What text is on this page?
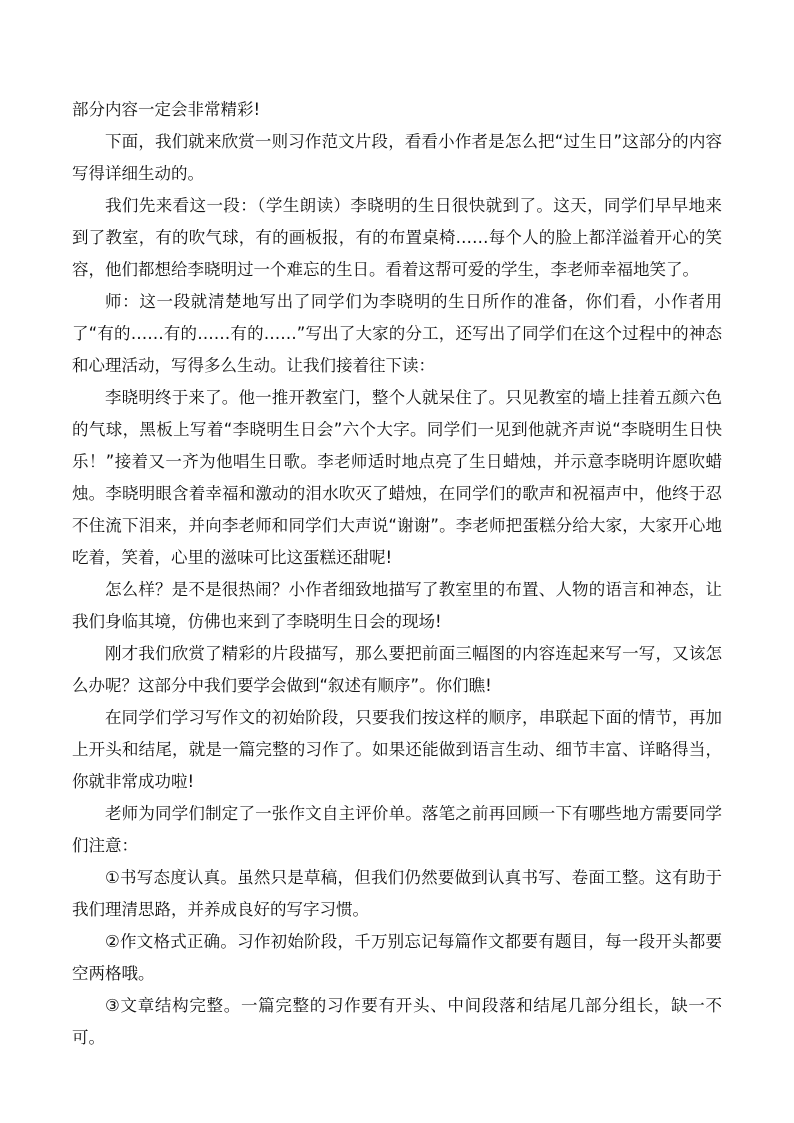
部分内容一定会非常精彩!

下面，我们就来欣赏一则习作范文片段，看看小作者是怎么把“过生日”这部分的内容写得详细生动的。

我们先来看这一段：（学生朗读）李晓明的生日很快就到了。这天，同学们早早地来到了教室，有的吹气球，有的画板报，有的布置桌椅……每个人的脸上都洋溢着开心的笑容，他们都想给李晓明过一个难忘的生日。看着这帮可爱的学生，李老师幸福地笑了。

师：这一段就清楚地写出了同学们为李晓明的生日所作的准备，你们看，小作者用了“有的……有的……有的……”写出了大家的分工，还写出了同学们在这个过程中的神态和心理活动，写得多么生动。让我们接着往下读：

李晓明终于来了。他一推开教室门，整个人就呆住了。只见教室的墙上挂着五颜六色的气球，黑板上写着“李晓明生日会”六个大字。同学们一见到他就齐声说“李晓明生日快乐！”接着又一齐为他唱生日歌。李老师适时地点亮了生日蜡烛，并示意李晓明许愿吹蜡烛。李晓明眼含着幸福和激动的泪水吹灭了蜡烛，在同学们的歌声和祝福声中，他终于忍不住流下泪来，并向李老师和同学们大声说“谢谢”。李老师把蛋糕分给大家，大家开心地吃着，笑着，心里的滋味可比这蛋糕还甜呢!

怎么样？是不是很热闹？小作者细致地描写了教室里的布置、人物的语言和神态，让我们身临其境，仿佛也来到了李晓明生日会的现场!

刚才我们欣赏了精彩的片段描写，那么要把前面三幅图的内容连起来写一写，又该怎么办呢？这部分中我们要学会做到“叙述有顺序”。你们瞧!

在同学们学习写作文的初始阶段，只要我们按这样的顺序，串联起下面的情节，再加上开头和结尾，就是一篇完整的习作了。如果还能做到语言生动、细节丰富、详略得当，你就非常成功啦!

老师为同学们制定了一张作文自主评价单。落笔之前再回顾一下有哪些地方需要同学们注意：

①书写态度认真。虽然只是草稿，但我们仍然要做到认真书写、卷面工整。这有助于我们理清思路，并养成良好的写字习惯。

②作文格式正确。习作初始阶段，千万别忘记每篇作文都要有题目，每一段开头都要空两格哦。

③文章结构完整。一篇完整的习作要有开头、中间段落和结尾几部分组长，缺一不可。
